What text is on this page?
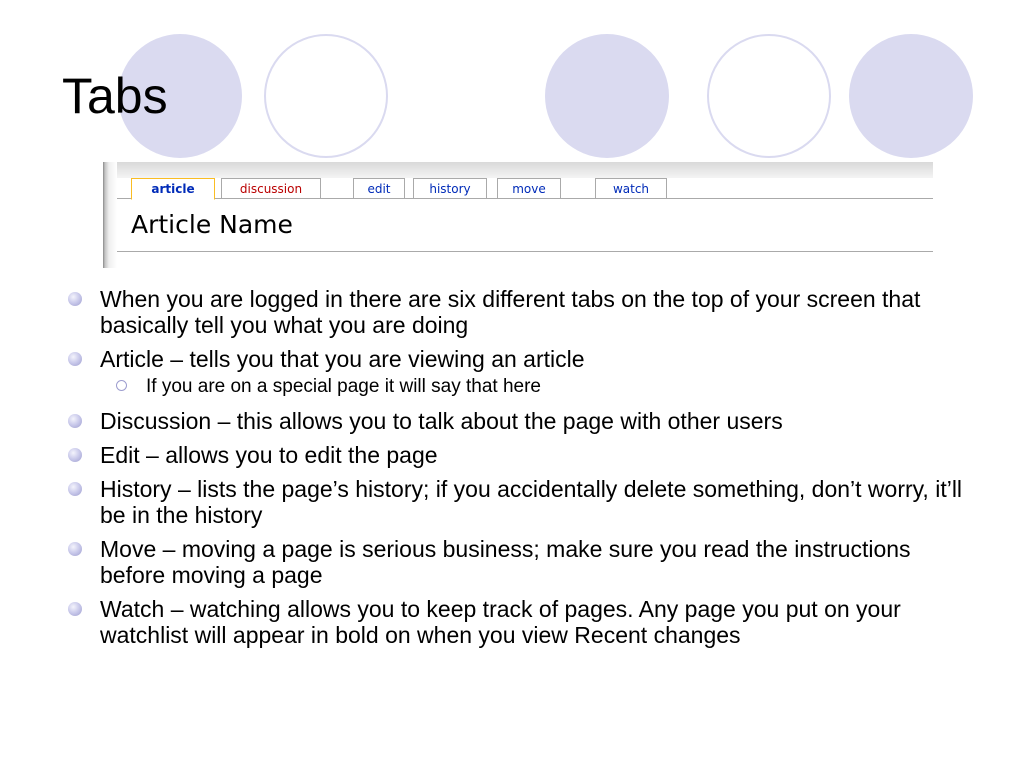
Tabs
article	discussion	edit	history	move	watch
Article Name
When you are logged in there are six different tabs on the top of your screen that basically tell you what you are doing
Article – tells you that you are viewing an article
If you are on a special page it will say that here
Discussion – this allows you to talk about the page with other users
Edit – allows you to edit the page
History – lists the page’s history; if you accidentally delete something, don’t worry, it’ll be in the history
Move – moving a page is serious business; make sure you read the instructions before moving a page
Watch – watching allows you to keep track of pages. Any page you put on your watchlist will appear in bold on when you view Recent changes
